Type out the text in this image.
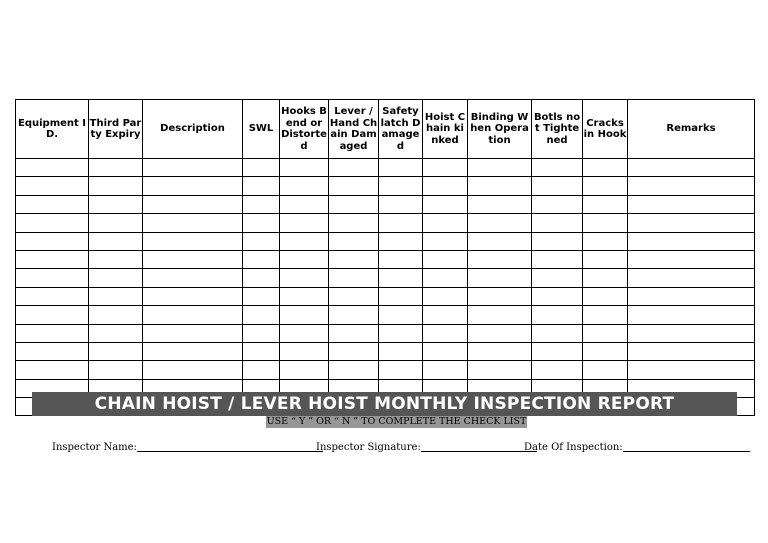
Equipment ID.	Third Party Expiry	Description	SWL	Hooks Bend or Distorted	Lever / Hand Chain Damaged	Safety latch Damaged	Hoist Chain kinked	Binding When Operation	Botls not Tightened	Cracks in Hook	Remarks

CHAIN HOIST / LEVER HOIST MONTHLY INSPECTION REPORT
USE “ Y ” OR “ N ” TO COMPLETE THE CHECK LIST
Inspector Name:	Inspector Signature:	Date Of Inspection:
